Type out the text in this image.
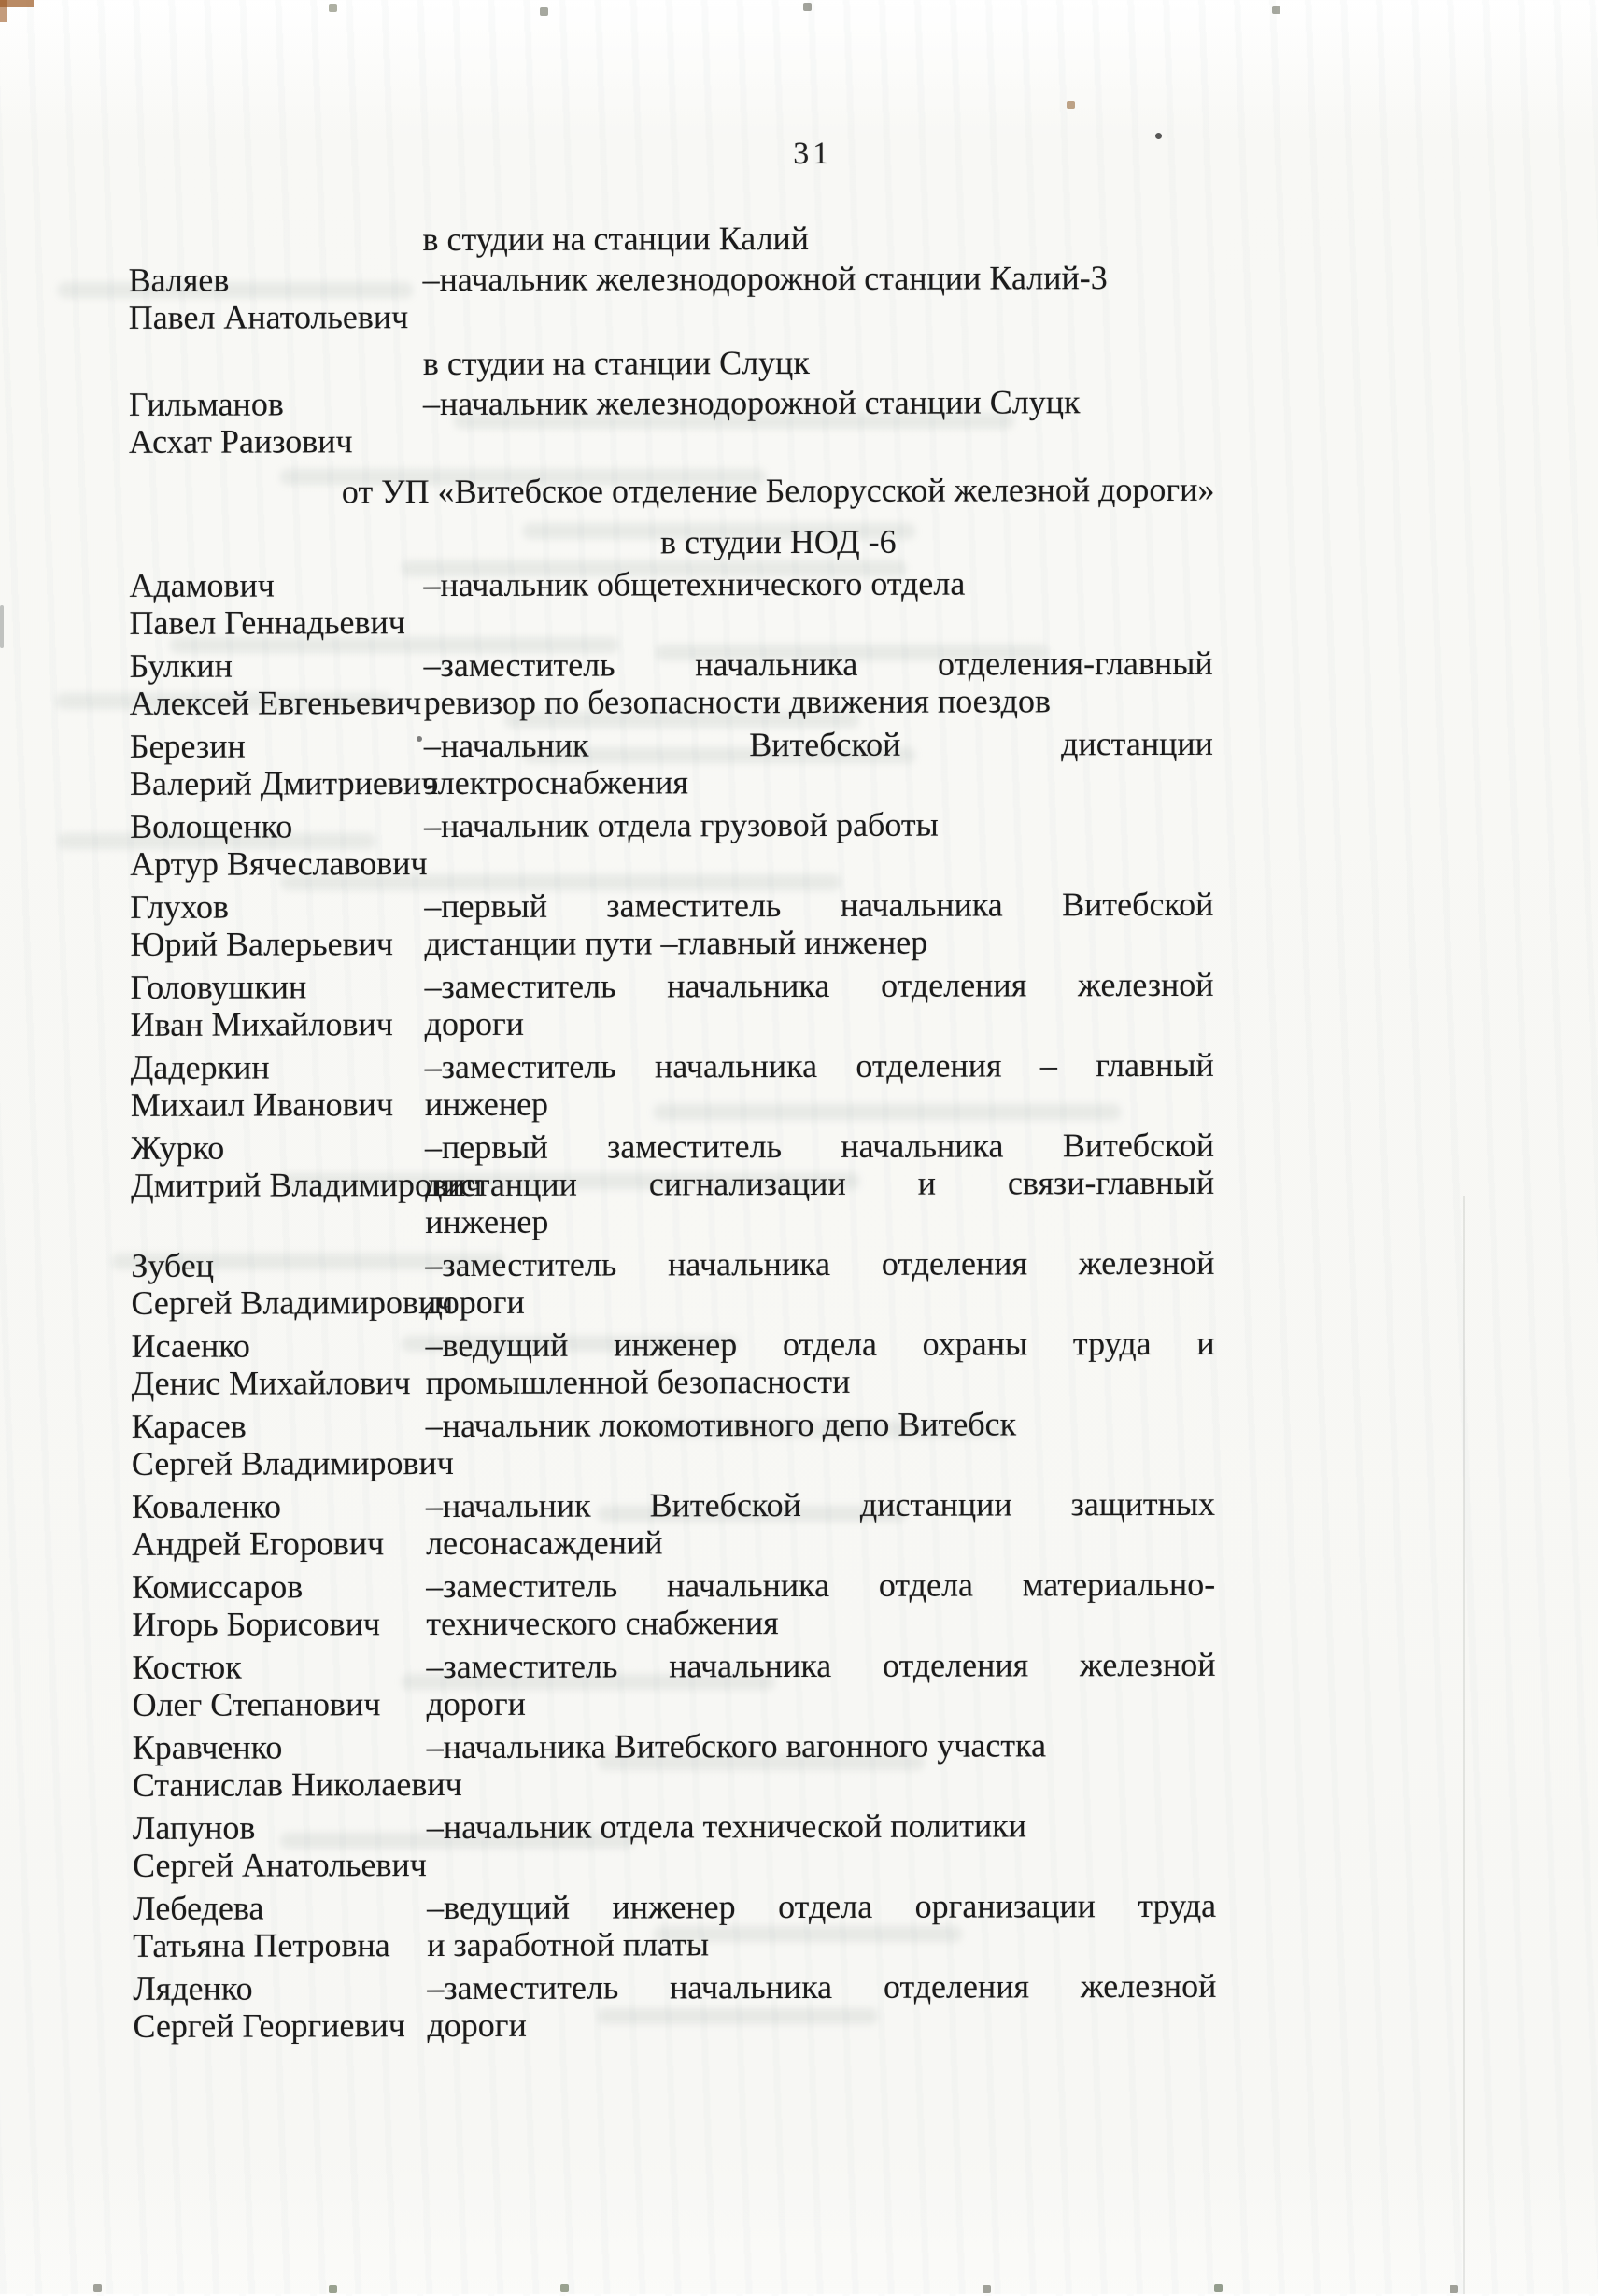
31
в студии на станции Калий
Валяев
Павел Анатольевич
–начальник железнодорожной станции Калий-3
в студии на станции Слуцк
Гильманов
Асхат Раизович
–начальник железнодорожной станции Слуцк
от УП «Витебское отделение Белорусской железной дороги»
в студии НОД -6
Адамович
Павел Геннадьевич
–начальник общетехнического отдела
Булкин
Алексей Евгеньевич
–заместитель начальника отделения-главный
ревизор по безопасности движения поездов
Березин
Валерий Дмитриевич
–начальник Витебской дистанции
электроснабжения
Волощенко
Артур Вячеславович
–начальник отдела грузовой работы
Глухов
Юрий Валерьевич
–первый заместитель начальника Витебской
дистанции пути –главный инженер
Головушкин
Иван Михайлович
–заместитель начальника отделения железной
дороги
Дадеркин
Михаил Иванович
–заместитель начальника отделения – главный
инженер
Журко
Дмитрий Владимирович
–первый заместитель начальника Витебской
дистанции сигнализации и связи-главный
инженер
Зубец
Сергей Владимирович
–заместитель начальника отделения железной
дороги
Исаенко
Денис Михайлович
–ведущий инженер отдела охраны труда и
промышленной безопасности
Карасев
Сергей Владимирович
–начальник локомотивного депо Витебск
Коваленко
Андрей Егорович
–начальник Витебской дистанции защитных
лесонасаждений
Комиссаров
Игорь Борисович
–заместитель начальника отдела материально-
технического снабжения
Костюк
Олег Степанович
–заместитель начальника отделения железной
дороги
Кравченко
Станислав Николаевич
–начальника Витебского вагонного участка
Лапунов
Сергей Анатольевич
–начальник отдела технической политики
Лебедева
Татьяна Петровна
–ведущий инженер отдела организации труда
и заработной платы
Ляденко
Сергей Георгиевич
–заместитель начальника отделения железной
дороги
